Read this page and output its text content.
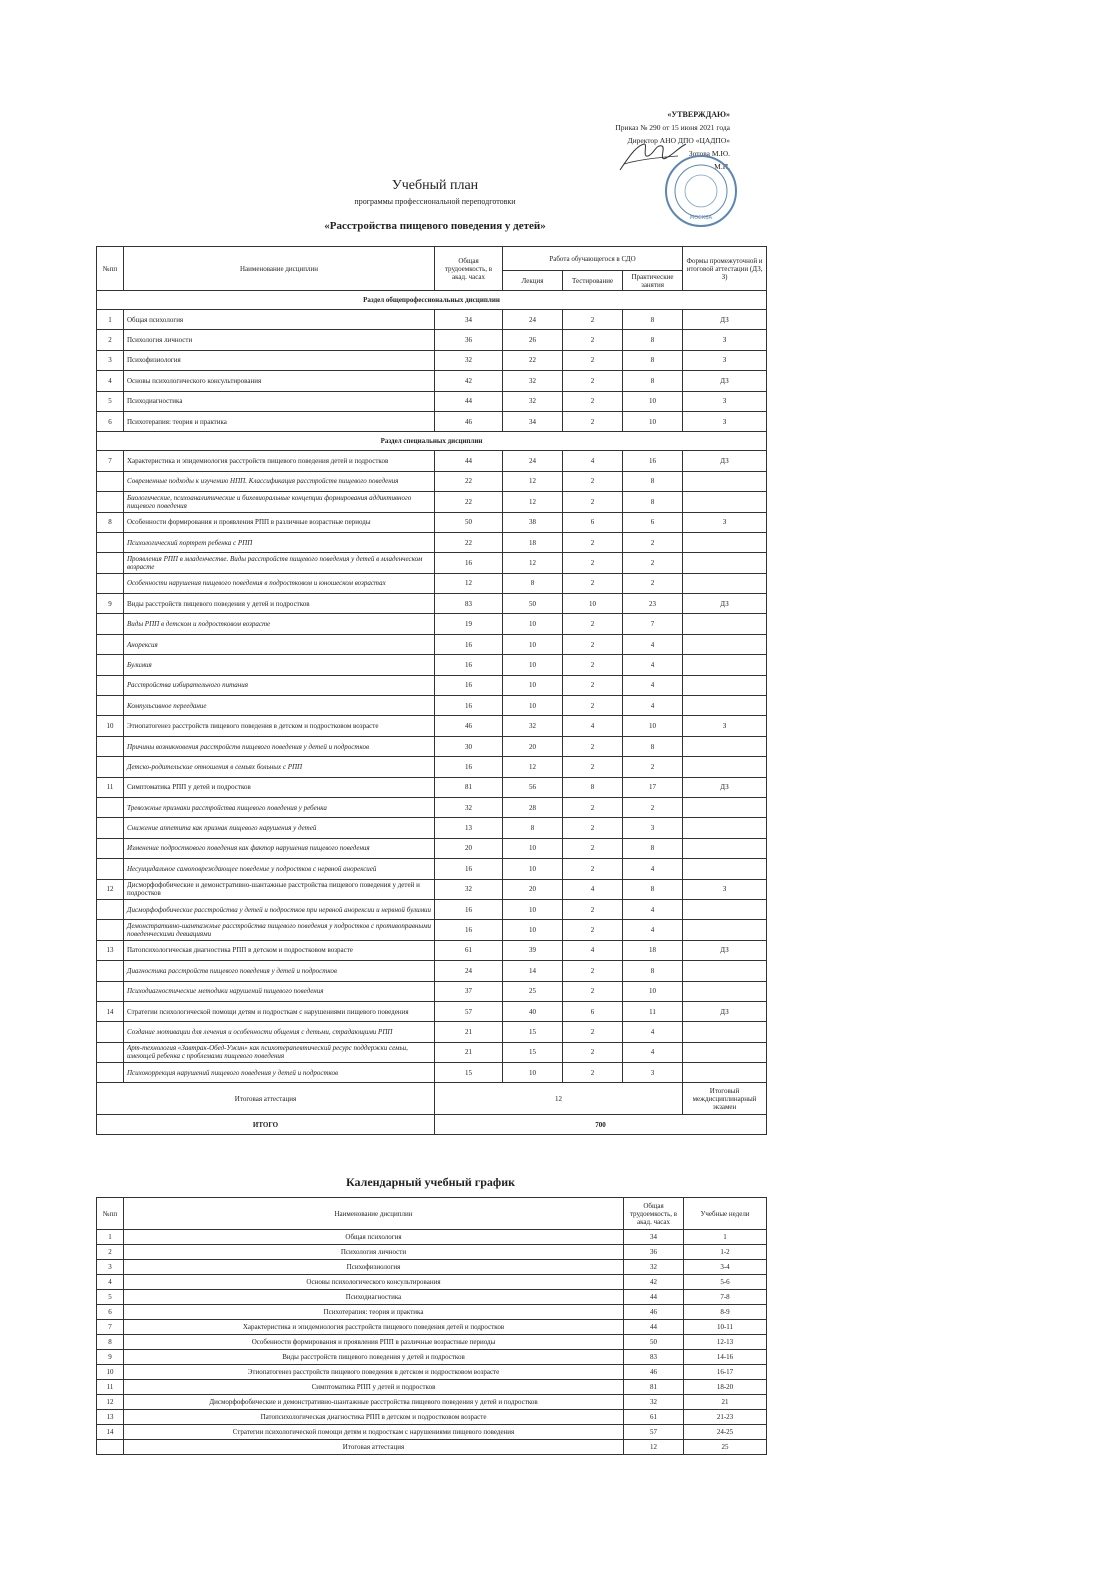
«УТВЕРЖДАЮ»
Приказ № 290 от 15 июня 2021 года
Директор АНО ДПО «ЦАДПО»
Зотова М.Ю.
М.П.
МОСКВА
Учебный план
программы профессиональной переподготовки
«Расстройства пищевого поведения у детей»
№пп	Наименование дисциплин	Общая трудоемкость, в акад. часах	Работа обучающегося в СДО			Формы промежуточной и итоговой аттестации (ДЗ, З)
			Лекция	Тестирование	Практические занятия	
Раздел общепрофессиональных дисциплин						
1	Общая психология	34	24	2	8	ДЗ
2	Психология личности	36	26	2	8	З
3	Психофизиология	32	22	2	8	З
4	Основы психологического консультирования	42	32	2	8	ДЗ
5	Психодиагностика	44	32	2	10	З
6	Психотерапия: теория и практика	46	34	2	10	З
Раздел специальных дисциплин						
7	Характеристика и эпидемиология расстройств пищевого поведения детей и подростков	44	24	4	16	ДЗ
	Современные подходы к изучению НПП. Классификация расстройств пищевого поведения	22	12	2	8	
	Биологические, психоаналитические и бихевиоральные концепции формирования аддиктивного пищевого поведения	22	12	2	8	
8	Особенности формирования и проявления РПП в различные возрастные периоды	50	38	6	6	З
	Психологический портрет ребенка с РПП	22	18	2	2	
	Проявления РПП в младенчестве. Виды расстройств пищевого поведения у детей в младенческом возрасте	16	12	2	2	
	Особенности нарушения пищевого поведения в подростковом и юношеском возрастах	12	8	2	2	
9	Виды расстройств пищевого поведения у детей и подростков	83	50	10	23	ДЗ
	Виды РПП в детском и подростковом возрасте	19	10	2	7	
	Анорексия	16	10	2	4	
	Булимия	16	10	2	4	
	Расстройства избирательного питания	16	10	2	4	
	Компульсивное переедание	16	10	2	4	
10	Этиопатогенез расстройств пищевого поведения в детском и подростковом возрасте	46	32	4	10	З
	Причины возникновения расстройств пищевого поведения у детей и подростков	30	20	2	8	
	Детско-родительские отношения в семьях больных с РПП	16	12	2	2	
11	Симптоматика РПП у детей и подростков	81	56	8	17	ДЗ
	Тревожные признаки расстройства пищевого поведения у ребенка	32	28	2	2	
	Снижение аппетита как признак пищевого нарушения у детей	13	8	2	3	
	Изменение подросткового поведения как фактор нарушения пищевого поведения	20	10	2	8	
	Несуицидальное самоповреждающее поведение у подростков с нервной анорексией	16	10	2	4	
12	Дисморфофобические и демонстративно-шантажные расстройства пищевого поведения у детей и подростков	32	20	4	8	З
	Дисморфофобические расстройства у детей и подростков при нервной анорексии и нервной булимии	16	10	2	4	
	Демонстративно-шантажные расстройства пищевого поведения у подростков с противоправными поведенческими девиациями	16	10	2	4	
13	Патопсихологическая диагностика РПП в детском и подростковом возрасте	61	39	4	18	ДЗ
	Диагностика расстройств пищевого поведения у детей и подростков	24	14	2	8	
	Психодиагностические методики нарушений пищевого поведения	37	25	2	10	
14	Стратегии психологической помощи детям и подросткам с нарушениями пищевого поведения	57	40	6	11	ДЗ
	Создание мотивации для лечения и особенности общения с детьми, страдающими РПП	21	15	2	4	
	Арт-технология «Завтрак-Обед-Ужин» как психотерапевтический ресурс поддержки семьи, имеющей ребенка с проблемами пищевого поведения	21	15	2	4	
	Психокоррекция нарушений пищевого поведения у детей и подростков	15	10	2	3	
Итоговая аттестация		12				Итоговый междисциплинарный экзамен
ИТОГО		700				
Календарный учебный график
№пп	Наименование дисциплин	Общая трудоемкость, в акад. часах	Учебные недели
1	Общая психология	34	1
2	Психология личности	36	1-2
3	Психофизиология	32	3-4
4	Основы психологического консультирования	42	5-6
5	Психодиагностика	44	7-8
6	Психотерапия: теория и практика	46	8-9
7	Характеристика и эпидемиология расстройств пищевого поведения детей и подростков	44	10-11
8	Особенности формирования и проявления РПП в различные возрастные периоды	50	12-13
9	Виды расстройств пищевого поведения у детей и подростков	83	14-16
10	Этиопатогенез расстройств пищевого поведения в детском и подростковом возрасте	46	16-17
11	Симптоматика РПП у детей и подростков	81	18-20
12	Дисморфофобические и демонстративно-шантажные расстройства пищевого поведения у детей и подростков	32	21
13	Патопсихологическая диагностика РПП в детском и подростковом возрасте	61	21-23
14	Стратегии психологической помощи детям и подросткам с нарушениями пищевого поведения	57	24-25
	Итоговая аттестация	12	25
